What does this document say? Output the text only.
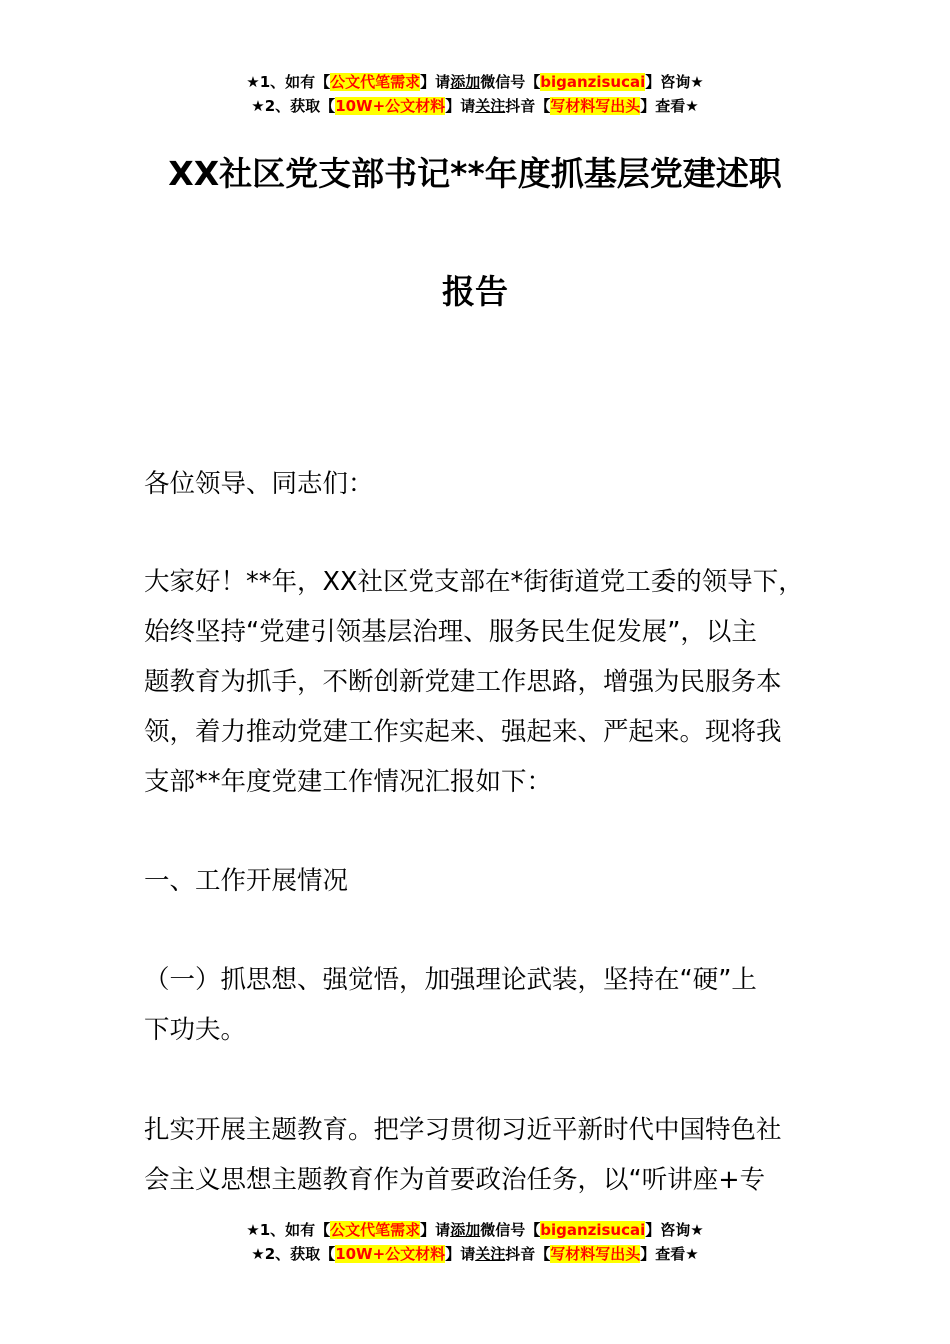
★1、如有【公文代笔需求】请添加微信号【biganzisucai】咨询★
★2、获取【10W+公文材料】请关注抖音【写材料写出头】查看★
XX社区党支部书记**年度抓基层党建述职
报告
各位领导、同志们：
大家好！**年，XX社区党支部在*街街道党工委的领导下，
始终坚持“党建引领基层治理、服务民生促发展”，以主
题教育为抓手，不断创新党建工作思路，增强为民服务本
领，着力推动党建工作实起来、强起来、严起来。现将我
支部**年度党建工作情况汇报如下：
一、工作开展情况
（一）抓思想、强觉悟，加强理论武装，坚持在“硬”上
下功夫。
扎实开展主题教育。把学习贯彻习近平新时代中国特色社
会主义思想主题教育作为首要政治任务，以“听讲座+专
★1、如有【公文代笔需求】请添加微信号【biganzisucai】咨询★
★2、获取【10W+公文材料】请关注抖音【写材料写出头】查看★
